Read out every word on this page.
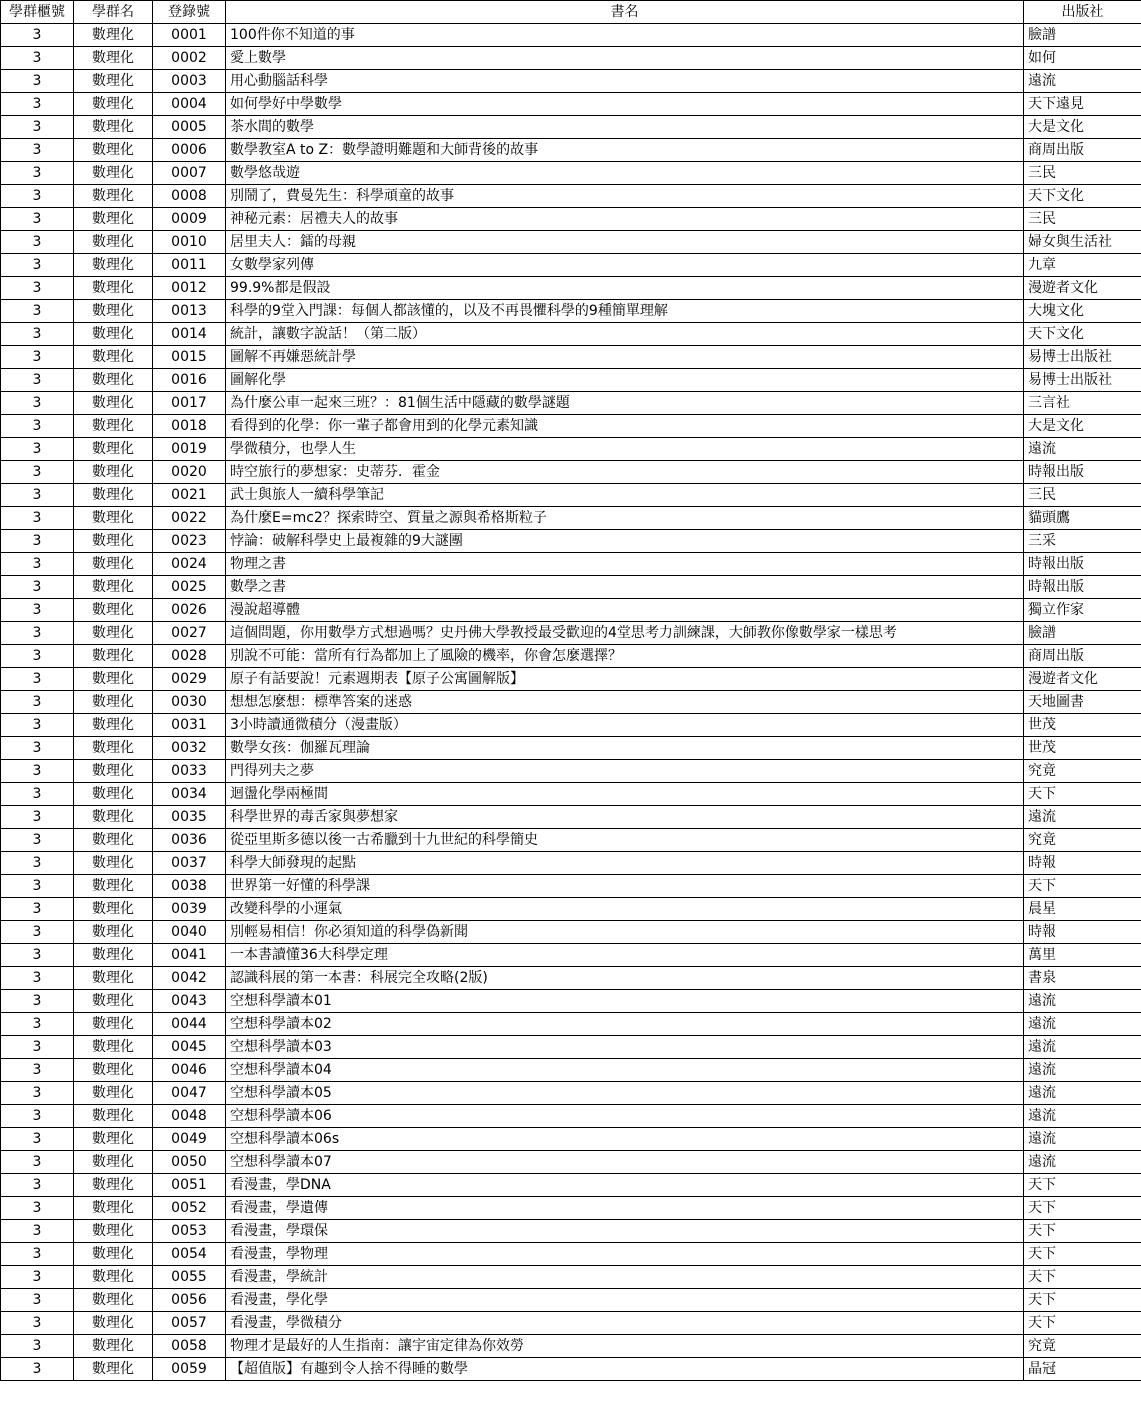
學群櫃號	學群名	登錄號	書名	出版社
3	數理化	0001	100件你不知道的事	臉譜
3	數理化	0002	愛上數學	如何
3	數理化	0003	用心動腦話科學	遠流
3	數理化	0004	如何學好中學數學	天下遠見
3	數理化	0005	茶水間的數學	大是文化
3	數理化	0006	數學教室A to Z：數學證明難題和大師背後的故事	商周出版
3	數理化	0007	數學悠哉遊	三民
3	數理化	0008	別鬧了，費曼先生：科學頑童的故事	天下文化
3	數理化	0009	神秘元素：居禮夫人的故事	三民
3	數理化	0010	居里夫人：鐳的母親	婦女與生活社
3	數理化	0011	女數學家列傳	九章
3	數理化	0012	99.9%都是假設	漫遊者文化
3	數理化	0013	科學的9堂入門課：每個人都該懂的，以及不再畏懼科學的9種簡單理解	大塊文化
3	數理化	0014	統計，讓數字說話！（第二版）	天下文化
3	數理化	0015	圖解不再嫌惡統計學	易博士出版社
3	數理化	0016	圖解化學	易博士出版社
3	數理化	0017	為什麼公車一起來三班？：81個生活中隱藏的數學謎題	三言社
3	數理化	0018	看得到的化學：你一輩子都會用到的化學元素知識	大是文化
3	數理化	0019	學微積分，也學人生	遠流
3	數理化	0020	時空旅行的夢想家：史蒂芬．霍金	時報出版
3	數理化	0021	武士與旅人一續科學筆記	三民
3	數理化	0022	為什麼E=mc2？探索時空、質量之源與希格斯粒子	貓頭鷹
3	數理化	0023	悖論：破解科學史上最複雜的9大謎團	三采
3	數理化	0024	物理之書	時報出版
3	數理化	0025	數學之書	時報出版
3	數理化	0026	漫說超導體	獨立作家
3	數理化	0027	這個問題，你用數學方式想過嗎？史丹佛大學教授最受歡迎的4堂思考力訓練課，大師教你像數學家一樣思考	臉譜
3	數理化	0028	別說不可能：當所有行為都加上了風險的機率，你會怎麼選擇？	商周出版
3	數理化	0029	原子有話要說！元素週期表【原子公寓圖解版】	漫遊者文化
3	數理化	0030	想想怎麼想：標準答案的迷惑	天地圖書
3	數理化	0031	3小時讀通微積分（漫畫版）	世茂
3	數理化	0032	數學女孩：伽羅瓦理論	世茂
3	數理化	0033	門得列夫之夢	究竟
3	數理化	0034	迴盪化學兩極間	天下
3	數理化	0035	科學世界的毒舌家與夢想家	遠流
3	數理化	0036	從亞里斯多德以後一古希臘到十九世紀的科學簡史	究竟
3	數理化	0037	科學大師發現的起點	時報
3	數理化	0038	世界第一好懂的科學課	天下
3	數理化	0039	改變科學的小運氣	晨星
3	數理化	0040	別輕易相信！你必須知道的科學偽新聞	時報
3	數理化	0041	一本書讀懂36大科學定理	萬里
3	數理化	0042	認識科展的第一本書：科展完全攻略(2版)	書泉
3	數理化	0043	空想科學讀本01	遠流
3	數理化	0044	空想科學讀本02	遠流
3	數理化	0045	空想科學讀本03	遠流
3	數理化	0046	空想科學讀本04	遠流
3	數理化	0047	空想科學讀本05	遠流
3	數理化	0048	空想科學讀本06	遠流
3	數理化	0049	空想科學讀本06s	遠流
3	數理化	0050	空想科學讀本07	遠流
3	數理化	0051	看漫畫，學DNA	天下
3	數理化	0052	看漫畫，學遺傳	天下
3	數理化	0053	看漫畫，學環保	天下
3	數理化	0054	看漫畫，學物理	天下
3	數理化	0055	看漫畫，學統計	天下
3	數理化	0056	看漫畫，學化學	天下
3	數理化	0057	看漫畫，學微積分	天下
3	數理化	0058	物理才是最好的人生指南：讓宇宙定律為你效勞	究竟
3	數理化	0059	【超值版】有趣到令人捨不得睡的數學	晶冠
